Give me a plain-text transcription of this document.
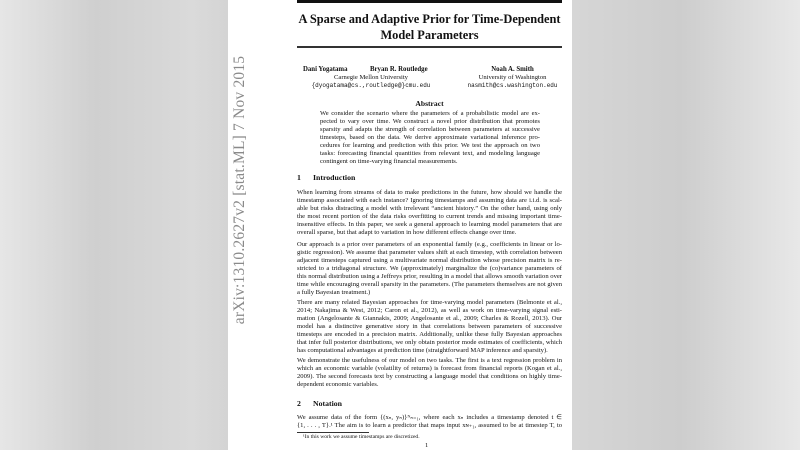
arXiv:1310.2627v2 [stat.ML] 7 Nov 2015
A Sparse and Adaptive Prior for Time-Dependent
Model Parameters
Dani Yogatama	Bryan R. Routledge
Carnegie Mellon University
{dyogatama@cs.,routledge@}cmu.edu
Noah A. Smith
University of Washington
nasmith@cs.washington.edu
Abstract
We consider the scenario where the parameters of a probabilistic model are ex-
pected to vary over time. We construct a novel prior distribution that promotes
sparsity and adapts the strength of correlation between parameters at successive
timesteps, based on the data. We derive approximate variational inference pro-
cedures for learning and prediction with this prior. We test the approach on two
tasks: forecasting financial quantities from relevant text, and modeling language
contingent on time-varying financial measurements.
1 Introduction
When learning from streams of data to make predictions in the future, how should we handle the
timestamp associated with each instance? Ignoring timestamps and assuming data are i.i.d. is scal-
able but risks distracting a model with irrelevant “ancient history.” On the other hand, using only
the most recent portion of the data risks overfitting to current trends and missing important time-
insensitive effects. In this paper, we seek a general approach to learning model parameters that are
overall sparse, but that adapt to variation in how different effects change over time.
Our approach is a prior over parameters of an exponential family (e.g., coefficients in linear or lo-
gistic regression). We assume that parameter values shift at each timestep, with correlation between
adjacent timesteps captured using a multivariate normal distribution whose precision matrix is re-
stricted to a tridiagonal structure. We (approximately) marginalize the (co)variance parameters of
this normal distribution using a Jeffreys prior, resulting in a model that allows smooth variation over
time while encouraging overall sparsity in the parameters. (The parameters themselves are not given
a fully Bayesian treatment.)
There are many related Bayesian approaches for time-varying model parameters (Belmonte et al.,
2014; Nakajima & West, 2012; Caron et al., 2012), as well as work on time-varying signal esti-
mation (Angelosante & Giannakis, 2009; Angelosante et al., 2009; Charles & Rozell, 2013). Our
model has a distinctive generative story in that correlations between parameters of successive
timesteps are encoded in a precision matrix. Additionally, unlike these fully Bayesian approaches
that infer full posterior distributions, we only obtain posterior mode estimates of coefficients, which
has computational advantages at prediction time (straightforward MAP inference and sparsity).
We demonstrate the usefulness of our model on two tasks. The first is a text regression problem in
which an economic variable (volatility of returns) is forecast from financial reports (Kogan et al.,
2009). The second forecasts text by constructing a language model that conditions on highly time-
dependent economic variables.
We assume data of the form {(xₙ, yₙ)}ᴺₙ₌₁, where each xₙ includes a timestamp denoted t ∈
{1, . . . , T}.¹ The aim is to learn a predictor that maps input xɴ₊₁, assumed to be at timestep T, to
2 Notation
¹In this work we assume timestamps are discretized.
1
